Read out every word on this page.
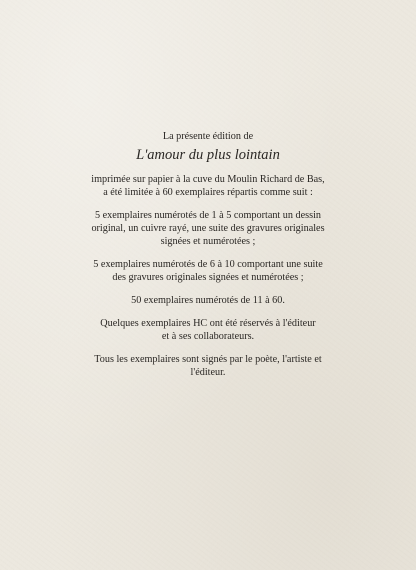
La présente édition de

L'amour du plus lointain

imprimée sur papier à la cuve du Moulin Richard de Bas,
a été limitée à 60 exemplaires répartis comme suit :

5 exemplaires numérotés de 1 à 5 comportant un dessin
original, un cuivre rayé, une suite des gravures originales
signées et numérotées ;

5 exemplaires numérotés de 6 à 10 comportant une suite
des gravures originales signées et numérotées ;

50 exemplaires numérotés de 11 à 60.

Quelques exemplaires HC ont été réservés à l'éditeur
et à ses collaborateurs.

Tous les exemplaires sont signés par le poète, l'artiste et
l'éditeur.
